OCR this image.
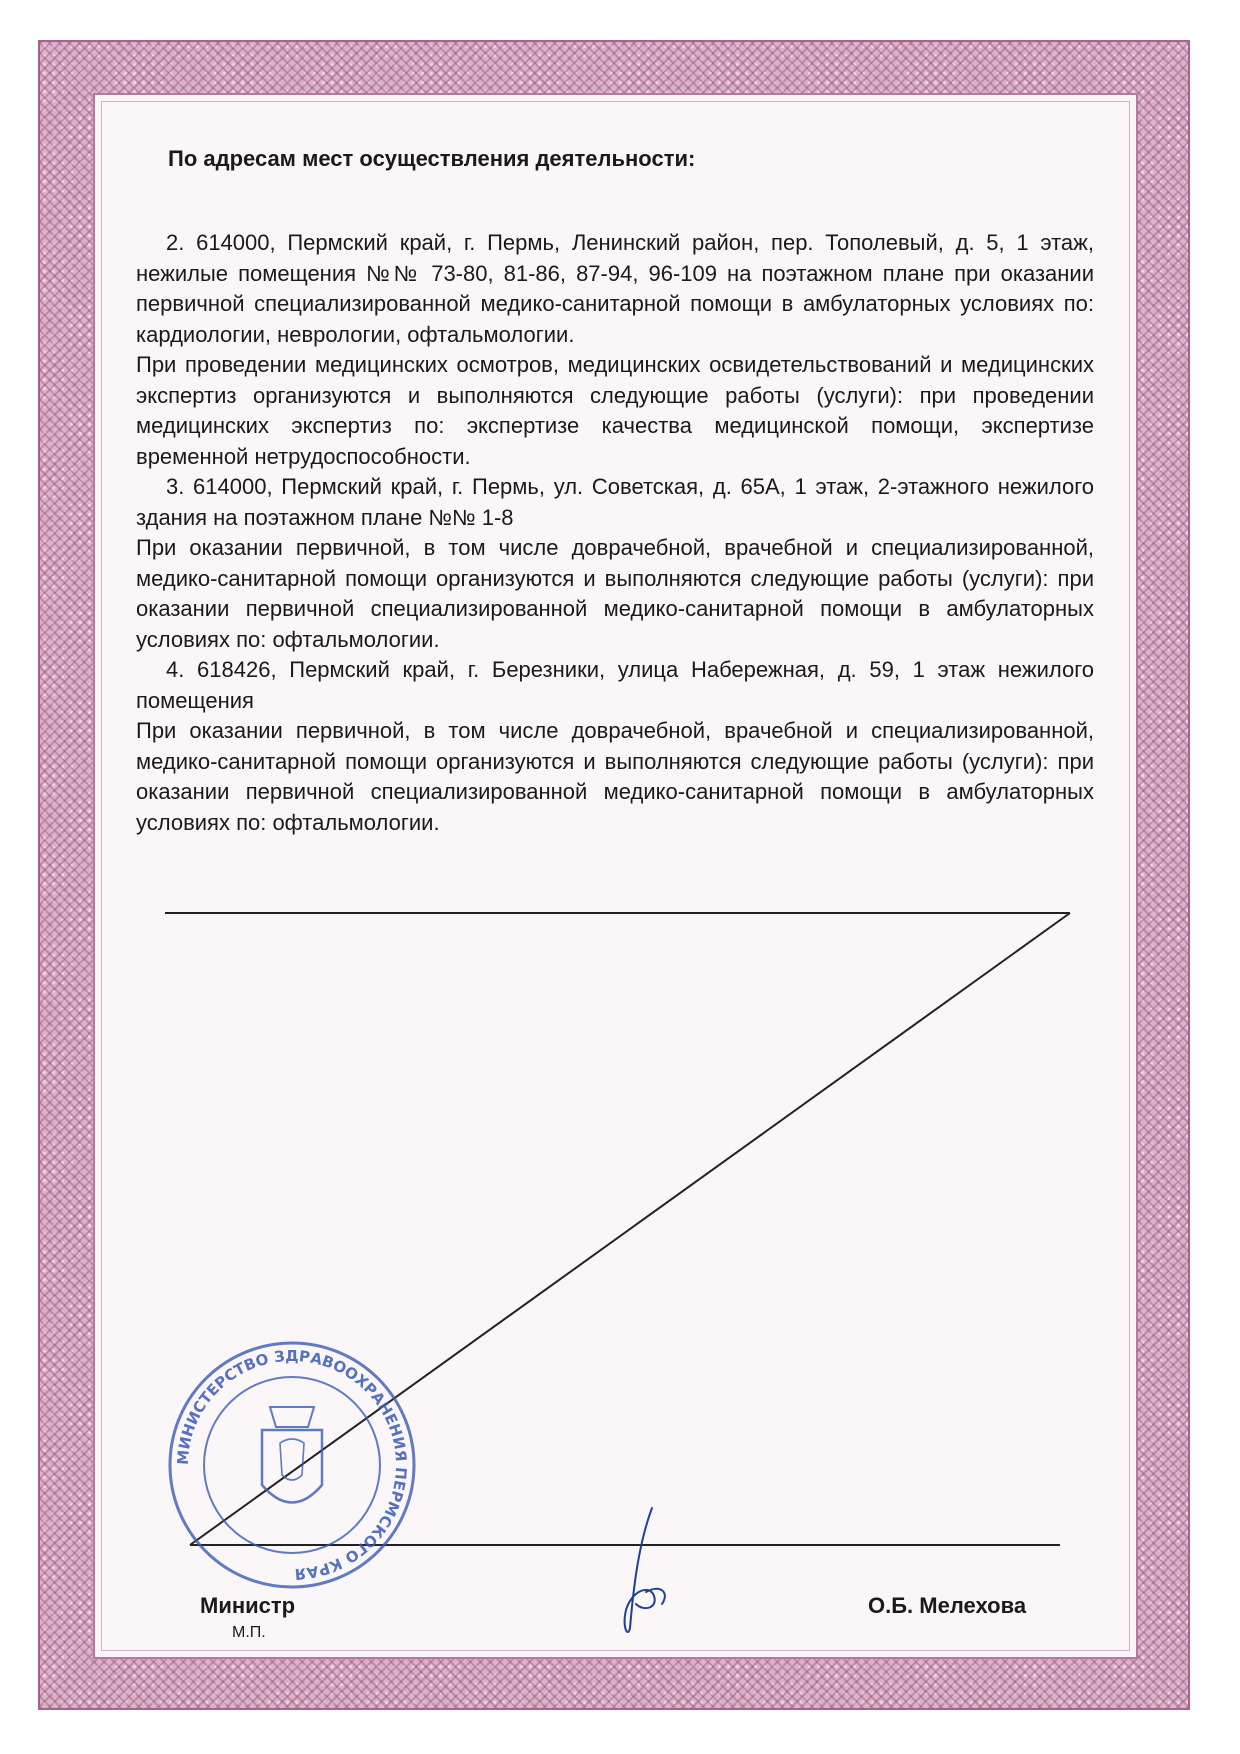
По адресам мест осуществления деятельности:

2. 614000, Пермский край, г. Пермь, Ленинский район, пер. Тополевый, д. 5, 1 этаж, нежилые помещения №№ 73-80, 81-86, 87-94, 96-109 на поэтажном плане при оказании первичной специализированной медико-санитарной помощи в амбулаторных условиях по: кардиологии, неврологии, офтальмологии.

При проведении медицинских осмотров, медицинских освидетельствований и медицинских экспертиз организуются и выполняются следующие работы (услуги): при проведении медицинских экспертиз по: экспертизе качества медицинской помощи, экспертизе временной нетрудоспособности.

3. 614000, Пермский край, г. Пермь, ул. Советская, д. 65А, 1 этаж, 2-этажного нежилого здания на поэтажном плане №№ 1-8

При оказании первичной, в том числе доврачебной, врачебной и специализированной, медико-санитарной помощи организуются и выполняются следующие работы (услуги): при оказании первичной специализированной медико-санитарной помощи в амбулаторных условиях по: офтальмологии.

4. 618426, Пермский край, г. Березники, улица Набережная, д. 59, 1 этаж нежилого помещения

При оказании первичной, в том числе доврачебной, врачебной и специализированной, медико-санитарной помощи организуются и выполняются следующие работы (услуги): при оказании первичной специализированной медико-санитарной помощи в амбулаторных условиях по: офтальмологии.

МИНИСТЕРСТВО ЗДРАВООХРАНЕНИЯ ПЕРМСКОГО КРАЯ
Министр
М.П.
О.Б. Мелехова
